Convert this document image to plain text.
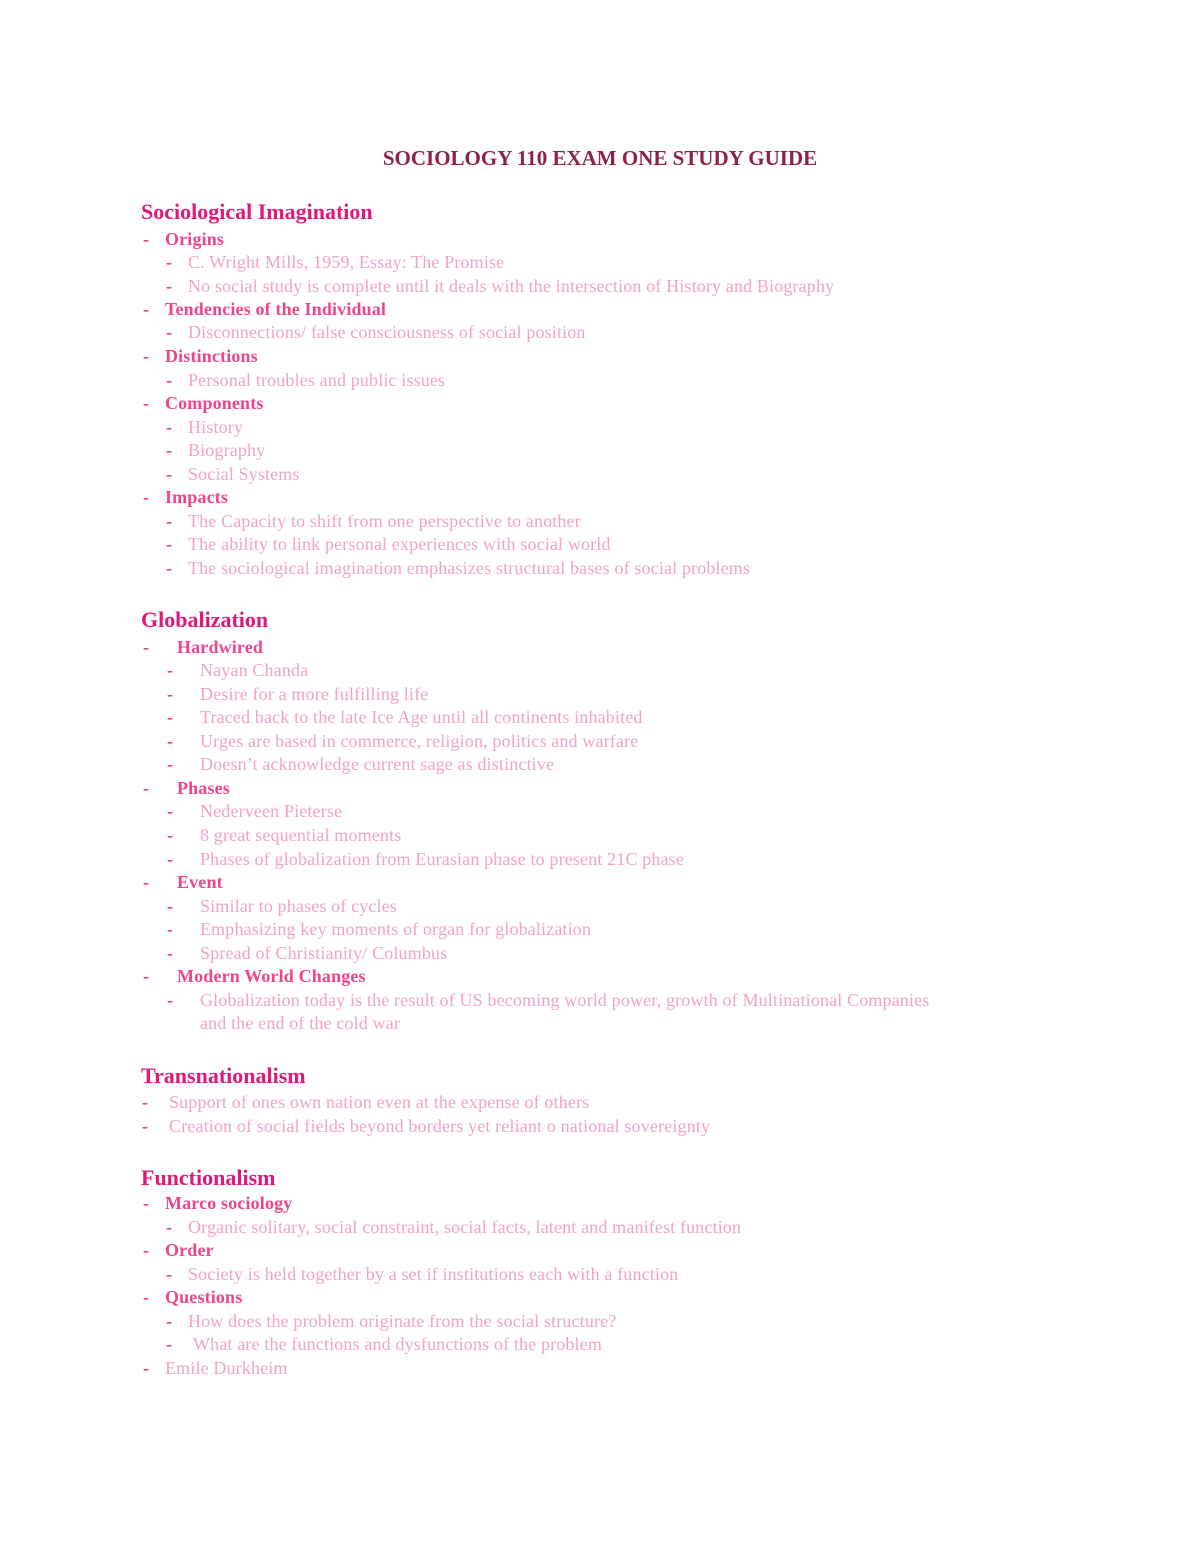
SOCIOLOGY 110 EXAM ONE STUDY GUIDE
Sociological Imagination
- Origins
- C. Wright Mills, 1959, Essay: The Promise
- No social study is complete until it deals with the intersection of History and Biography
- Tendencies of the Individual
- Disconnections/ false consciousness of social position
- Distinctions
- Personal troubles and public issues
- Components
- History
- Biography
- Social Systems
- Impacts
- The Capacity to shift from one perspective to another
- The ability to link personal experiences with social world
- The sociological imagination emphasizes structural bases of social problems
Globalization
- Hardwired
- Nayan Chanda
- Desire for a more fulfilling life
- Traced back to the late Ice Age until all continents inhabited
- Urges are based in commerce, religion, politics and warfare
- Doesn’t acknowledge current sage as distinctive
- Phases
- Nederveen Pieterse
- 8 great sequential moments
- Phases of globalization from Eurasian phase to present 21C phase
- Event
- Similar to phases of cycles
- Emphasizing key moments of organ for globalization
- Spread of Christianity/ Columbus
- Modern World Changes
- Globalization today is the result of US becoming world power, growth of Multinational Companies
and the end of the cold war
Transnationalism
- Support of ones own nation even at the expense of others
- Creation of social fields beyond borders yet reliant o national sovereignty
Functionalism
- Marco sociology
- Organic solitary, social constraint, social facts, latent and manifest function
- Order
- Society is held together by a set if institutions each with a function
- Questions
- How does the problem originate from the social structure?
- What are the functions and dysfunctions of the problem
- Emile Durkheim
